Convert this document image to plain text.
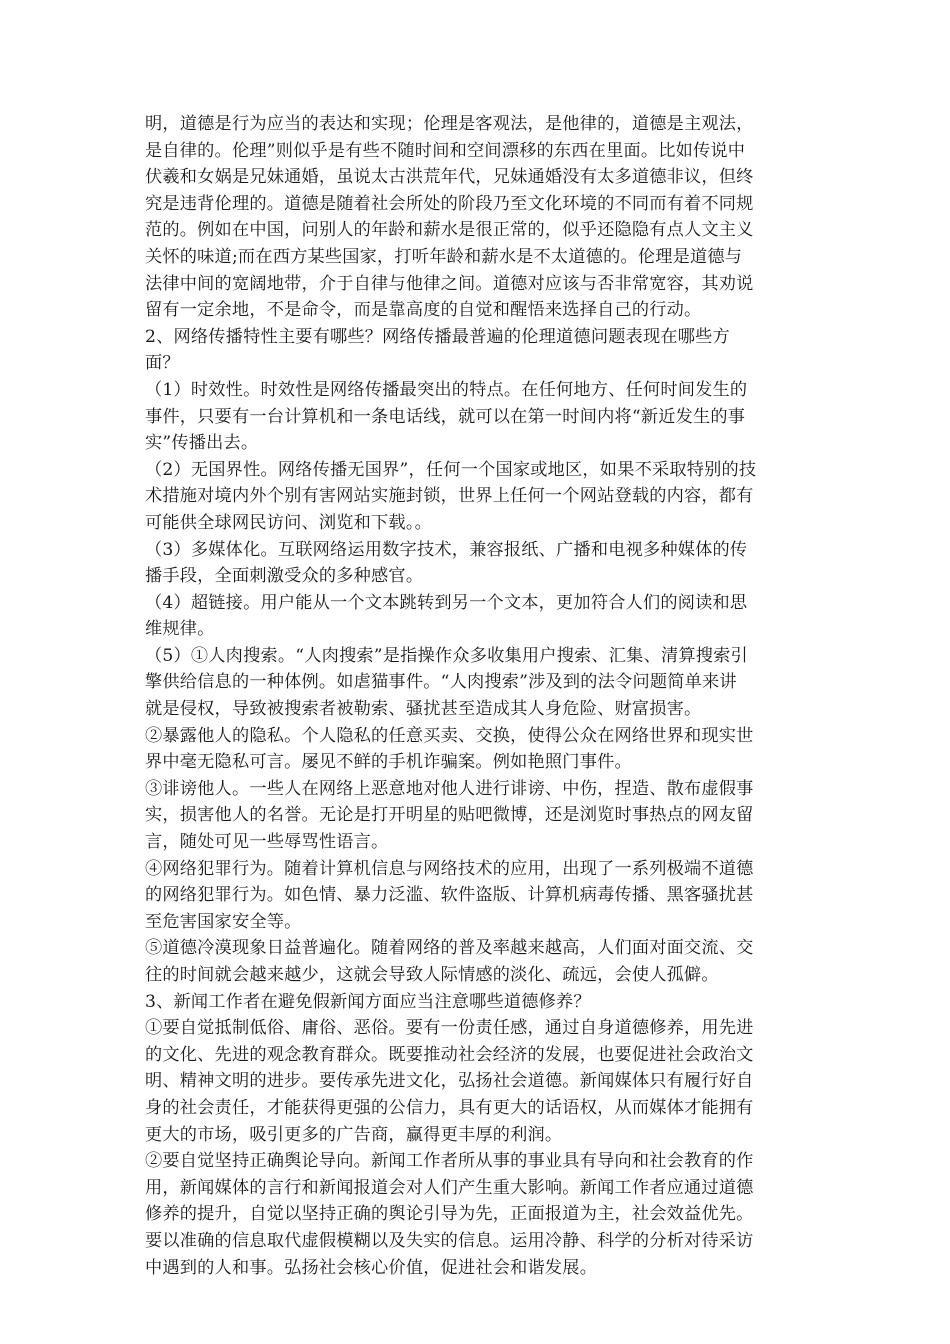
明，道德是行为应当的表达和实现；伦理是客观法，是他律的，道德是主观法，
是自律的。伦理”则似乎是有些不随时间和空间漂移的东西在里面。比如传说中
伏羲和女娲是兄妹通婚，虽说太古洪荒年代，兄妹通婚没有太多道德非议，但终
究是违背伦理的。道德是随着社会所处的阶段乃至文化环境的不同而有着不同规
范的。例如在中国，问别人的年龄和薪水是很正常的，似乎还隐隐有点人文主义
关怀的味道;而在西方某些国家，打听年龄和薪水是不太道德的。伦理是道德与
法律中间的宽阔地带，介于自律与他律之间。道德对应该与否非常宽容，其劝说
留有一定余地，不是命令，而是靠高度的自觉和醒悟来选择自己的行动。
2、网络传播特性主要有哪些？网络传播最普遍的伦理道德问题表现在哪些方
面？
（1）时效性。时效性是网络传播最突出的特点。在任何地方、任何时间发生的
事件，只要有一台计算机和一条电话线，就可以在第一时间内将“新近发生的事
实”传播出去。
（2）无国界性。网络传播无国界”，任何一个国家或地区，如果不采取特别的技
术措施对境内外个别有害网站实施封锁，世界上任何一个网站登载的内容，都有
可能供全球网民访问、浏览和下载。。
（3）多媒体化。互联网络运用数字技术，兼容报纸、广播和电视多种媒体的传
播手段，全面刺激受众的多种感官。
（4）超链接。用户能从一个文本跳转到另一个文本，更加符合人们的阅读和思
维规律。
（5）①人肉搜索。“人肉搜索”是指操作众多收集用户搜索、汇集、清算搜索引
擎供给信息的一种体例。如虐猫事件。“人肉搜索”涉及到的法令问题简单来讲
就是侵权，导致被搜索者被勒索、骚扰甚至造成其人身危险、财富损害。
②暴露他人的隐私。个人隐私的任意买卖、交换，使得公众在网络世界和现实世
界中毫无隐私可言。屡见不鲜的手机诈骗案。例如艳照门事件。
③诽谤他人。一些人在网络上恶意地对他人进行诽谤、中伤，捏造、散布虚假事
实，损害他人的名誉。无论是打开明星的贴吧微博，还是浏览时事热点的网友留
言，随处可见一些辱骂性语言。
④网络犯罪行为。随着计算机信息与网络技术的应用，出现了一系列极端不道德
的网络犯罪行为。如色情、暴力泛滥、软件盗版、计算机病毒传播、黑客骚扰甚
至危害国家安全等。
⑤道德冷漠现象日益普遍化。随着网络的普及率越来越高，人们面对面交流、交
往的时间就会越来越少，这就会导致人际情感的淡化、疏远，会使人孤僻。
3、新闻工作者在避免假新闻方面应当注意哪些道德修养？
①要自觉抵制低俗、庸俗、恶俗。要有一份责任感，通过自身道德修养，用先进
的文化、先进的观念教育群众。既要推动社会经济的发展，也要促进社会政治文
明、精神文明的进步。要传承先进文化，弘扬社会道德。新闻媒体只有履行好自
身的社会责任，才能获得更强的公信力，具有更大的话语权，从而媒体才能拥有
更大的市场，吸引更多的广告商，赢得更丰厚的利润。
②要自觉坚持正确舆论导向。新闻工作者所从事的事业具有导向和社会教育的作
用，新闻媒体的言行和新闻报道会对人们产生重大影响。新闻工作者应通过道德
修养的提升，自觉以坚持正确的舆论引导为先，正面报道为主，社会效益优先。
要以准确的信息取代虚假模糊以及失实的信息。运用冷静、科学的分析对待采访
中遇到的人和事。弘扬社会核心价值，促进社会和谐发展。
